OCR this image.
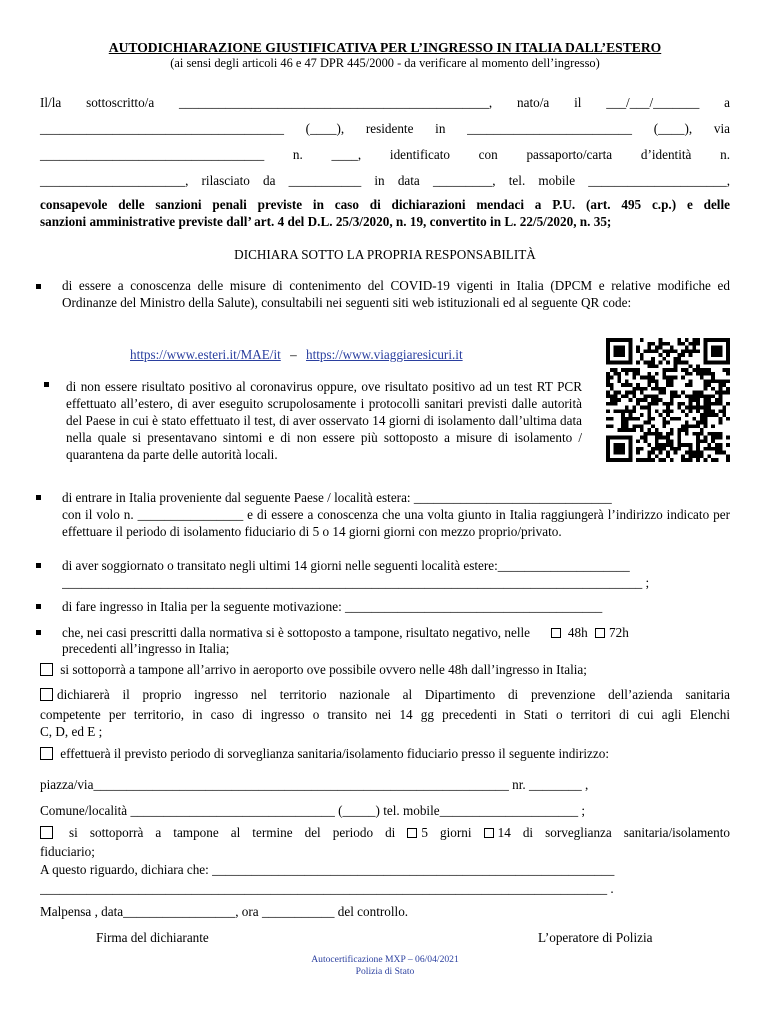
AUTODICHIARAZIONE GIUSTIFICATIVA PER L’INGRESSO IN ITALIA DALL’ESTERO
(ai sensi degli articoli 46 e 47 DPR 445/2000 - da verificare al momento dell’ingresso)
Il/la sottoscritto/a _______________________________________________, nato/a il ___/___/_______ a
_____________________________________ (____), residente in _________________________ (____), via
__________________________________ n. ____, identificato con passaporto/carta d’identità n.
______________________, rilasciato da ___________ in data _________, tel. mobile _____________________,
consapevole delle sanzioni penali previste in caso di dichiarazioni mendaci a P.U. (art. 495 c.p.) e delle
sanzioni amministrative previste dall’ art. 4 del D.L. 25/3/2020, n. 19, convertito in L. 22/5/2020, n. 35;
DICHIARA SOTTO LA PROPRIA RESPONSABILITÀ
di essere a conoscenza delle misure di contenimento del COVID-19 vigenti in Italia (DPCM e relative modifiche ed Ordinanze del Ministro della Salute), consultabili nei seguenti siti web istituzionali ed al seguente QR code:
https://www.esteri.it/MAE/it – https://www.viaggiaresicuri.it
di non essere risultato positivo al coronavirus oppure, ove risultato positivo ad un test RT PCR effettuato all’estero, di aver eseguito scrupolosamente i protocolli sanitari previsti dalle autorità del Paese in cui è stato effettuato il test, di aver osservato 14 giorni di isolamento dall’ultima data nella quale si presentavano sintomi e di non essere più sottoposto a misure di isolamento / quarantena da parte delle autorità locali.
di entrare in Italia proveniente dal seguente Paese / località estera: ______________________________
con il volo n. ________________ e di essere a conoscenza che una volta giunto in Italia raggiungerà l’indirizzo indicato per effettuare il periodo di isolamento fiduciario di 5 o 14 giorni giorni con mezzo proprio/privato.
di aver soggiornato o transitato negli ultimi 14 giorni nelle seguenti località estere:____________________
________________________________________________________________________________________ ;
di fare ingresso in Italia per la seguente motivazione: _______________________________________
che, nei casi prescritti dalla normativa si è sottoposto a tampone, risultato negativo, nelle	48h 72h
precedenti all’ingresso in Italia;
si sottoporrà a tampone all’arrivo in aeroporto ove possibile ovvero nelle 48h dall’ingresso in Italia;
dichiarerà il proprio ingresso nel territorio nazionale al Dipartimento di prevenzione dell’azienda sanitaria
competente per territorio, in caso di ingresso o transito nei 14 gg precedenti in Stati o territori di cui agli Elenchi
C, D, ed E ;
effettuerà il previsto periodo di sorveglianza sanitaria/isolamento fiduciario presso il seguente indirizzo:
piazza/via_______________________________________________________________ nr. ________ ,
Comune/località _______________________________ (_____) tel. mobile_____________________ ;
si sottoporrà a tampone al termine del periodo di 5 giorni 14 di sorveglianza sanitaria/isolamento
fiduciario;
A questo riguardo, dichiara che: _____________________________________________________________
______________________________________________________________________________________ .
Malpensa , data_________________, ora ___________ del controllo.
Firma del dichiarante	L’operatore di Polizia
Autocertificazione MXP – 06/04/2021
Polizia di Stato
